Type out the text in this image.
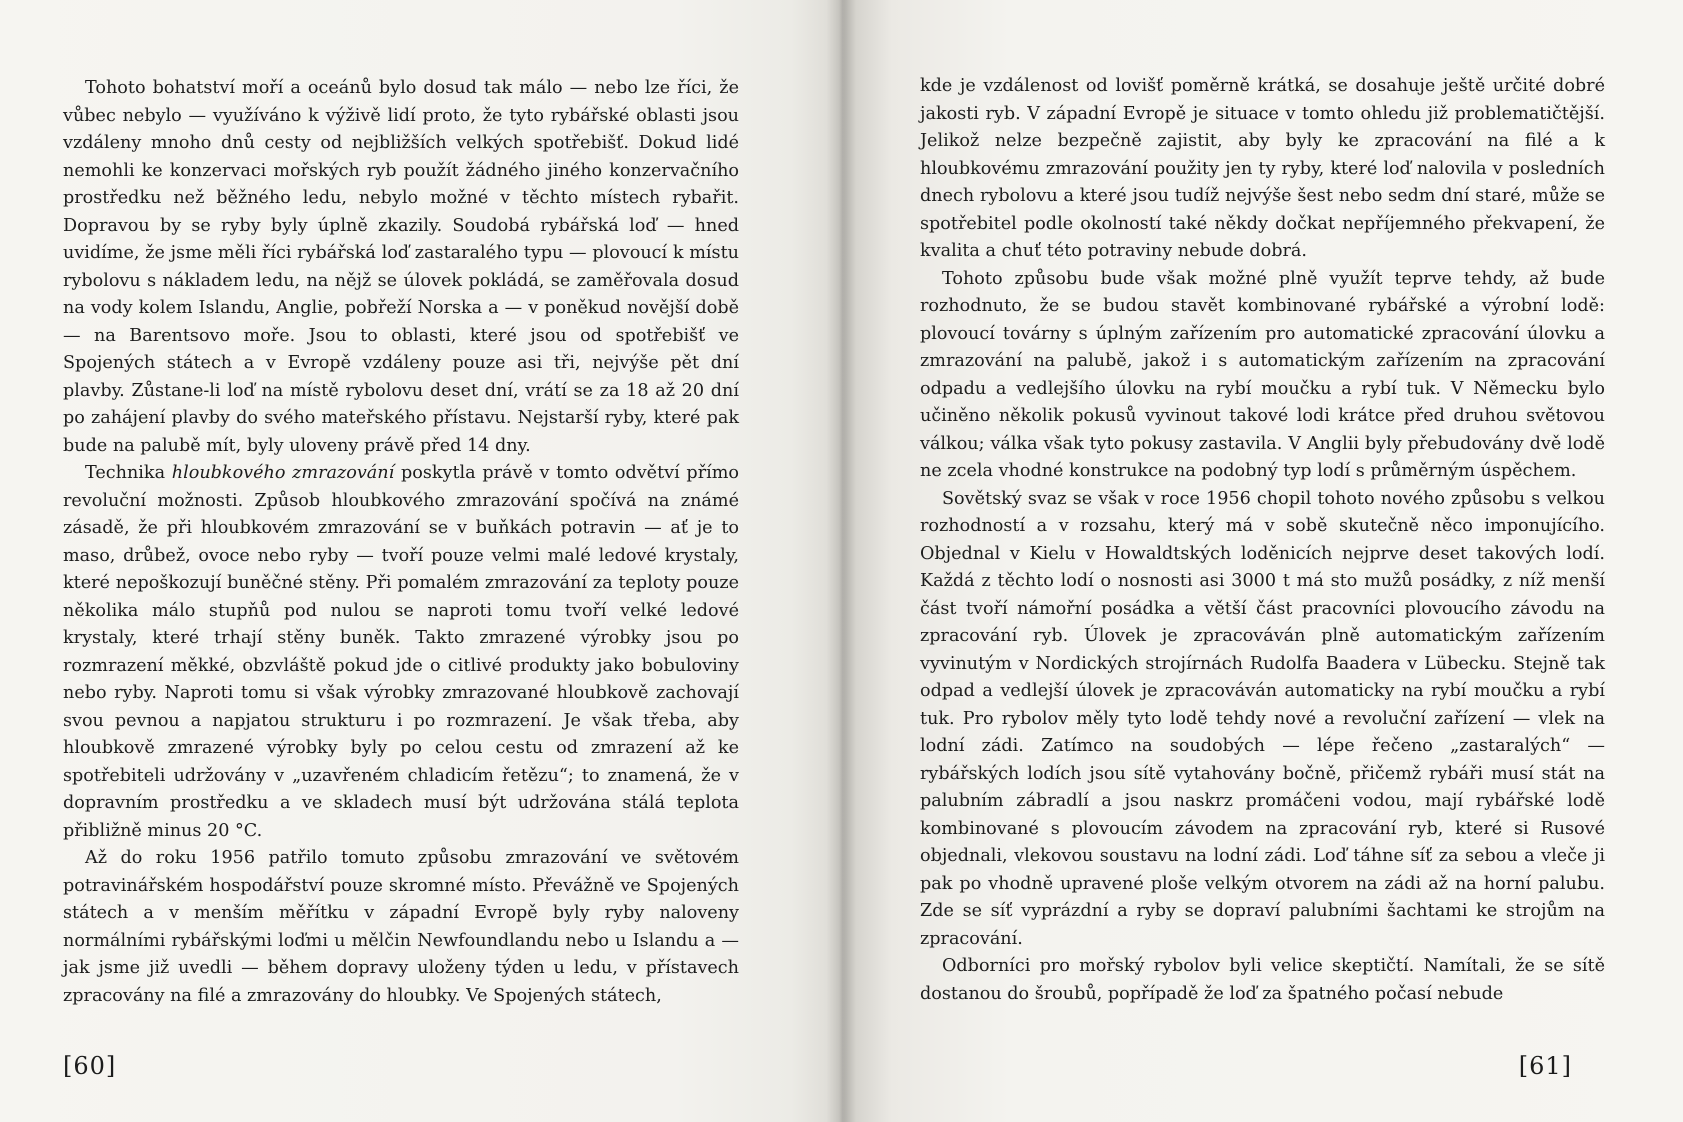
Tohoto bohatství moří a oceánů bylo dosud tak málo — nebo lze říci, že vůbec nebylo — využíváno k výživě lidí proto, že tyto rybářské oblasti jsou vzdáleny mnoho dnů cesty od nejbližších velkých spotřebišť. Dokud lidé nemohli ke konzervaci mořských ryb použít žádného jiného konzervačního prostředku než běžného ledu, nebylo možné v těchto místech rybařit. Dopravou by se ryby byly úplně zkazily. Soudobá rybářská loď — hned uvidíme, že jsme měli říci rybářská loď zastaralého typu — plovoucí k místu rybolovu s nákladem ledu, na nějž se úlovek pokládá, se zaměřovala dosud na vody kolem Islandu, Anglie, pobřeží Norska a — v poněkud novější době — na Barentsovo moře. Jsou to oblasti, které jsou od spotřebišť ve Spojených státech a v Evropě vzdáleny pouze asi tři, nejvýše pět dní plavby. Zůstane-li loď na místě rybolovu deset dní, vrátí se za 18 až 20 dní po zahájení plavby do svého mateřského přístavu. Nejstarší ryby, které pak bude na palubě mít, byly uloveny právě před 14 dny.

Technika hloubkového zmrazování poskytla právě v tomto odvětví přímo revoluční možnosti. Způsob hloubkového zmrazování spočívá na známé zásadě, že při hloubkovém zmrazování se v buňkách potravin — ať je to maso, drůbež, ovoce nebo ryby — tvoří pouze velmi malé ledové krystaly, které nepoškozují buněčné stěny. Při pomalém zmrazování za teploty pouze několika málo stupňů pod nulou se naproti tomu tvoří velké ledové krystaly, které trhají stěny buněk. Takto zmrazené výrobky jsou po rozmrazení měkké, obzvláště pokud jde o citlivé produkty jako bobuloviny nebo ryby. Naproti tomu si však výrobky zmrazované hloubkově zachovají svou pevnou a napjatou strukturu i po rozmrazení. Je však třeba, aby hloubkově zmrazené výrobky byly po celou cestu od zmrazení až ke spotřebiteli udržovány v „uzavřeném chladicím řetězu“; to znamená, že v dopravním prostředku a ve skladech musí být udržována stálá teplota přibližně minus 20 °C.

Až do roku 1956 patřilo tomuto způsobu zmrazování ve světovém potravinářském hospodářství pouze skromné místo. Převážně ve Spojených státech a v menším měřítku v západní Evropě byly ryby naloveny normálními rybářskými loďmi u mělčin Newfoundlandu nebo u Islandu a — jak jsme již uvedli — během dopravy uloženy týden u ledu, v přístavech zpracovány na filé a zmrazovány do hloubky. Ve Spojených státech,

[60]

kde je vzdálenost od lovišť poměrně krátká, se dosahuje ještě určité dobré jakosti ryb. V západní Evropě je situace v tomto ohledu již problematičtější. Jelikož nelze bezpečně zajistit, aby byly ke zpracování na filé a k hloubkovému zmrazování použity jen ty ryby, které loď nalovila v posledních dnech rybolovu a které jsou tudíž nejvýše šest nebo sedm dní staré, může se spotřebitel podle okolností také někdy dočkat nepříjemného překvapení, že kvalita a chuť této potraviny nebude dobrá.

Tohoto způsobu bude však možné plně využít teprve tehdy, až bude rozhodnuto, že se budou stavět kombinované rybářské a výrobní lodě: plovoucí továrny s úplným zařízením pro automatické zpracování úlovku a zmrazování na palubě, jakož i s automatickým zařízením na zpracování odpadu a vedlejšího úlovku na rybí moučku a rybí tuk. V Německu bylo učiněno několik pokusů vyvinout takové lodi krátce před druhou světovou válkou; válka však tyto pokusy zastavila. V Anglii byly přebudovány dvě lodě ne zcela vhodné konstrukce na podobný typ lodí s průměrným úspěchem.

Sovětský svaz se však v roce 1956 chopil tohoto nového způsobu s velkou rozhodností a v rozsahu, který má v sobě skutečně něco imponujícího. Objednal v Kielu v Howaldtských loděnicích nejprve deset takových lodí. Každá z těchto lodí o nosnosti asi 3000 t má sto mužů posádky, z níž menší část tvoří námořní posádka a větší část pracovníci plovoucího závodu na zpracování ryb. Úlovek je zpracováván plně automatickým zařízením vyvinutým v Nordických strojírnách Rudolfa Baadera v Lübecku. Stejně tak odpad a vedlejší úlovek je zpracováván automaticky na rybí moučku a rybí tuk. Pro rybolov měly tyto lodě tehdy nové a revoluční zařízení — vlek na lodní zádi. Zatímco na soudobých — lépe řečeno „zastaralých“ — rybářských lodích jsou sítě vytahovány bočně, přičemž rybáři musí stát na palubním zábradlí a jsou naskrz promáčeni vodou, mají rybářské lodě kombinované s plovoucím závodem na zpracování ryb, které si Rusové objednali, vlekovou soustavu na lodní zádi. Loď táhne síť za sebou a vleče ji pak po vhodně upravené ploše velkým otvorem na zádi až na horní palubu. Zde se síť vyprázdní a ryby se dopraví palubními šachtami ke strojům na zpracování.

Odborníci pro mořský rybolov byli velice skeptičtí. Namítali, že se sítě dostanou do šroubů, popřípadě že loď za špatného počasí nebude

[61]
